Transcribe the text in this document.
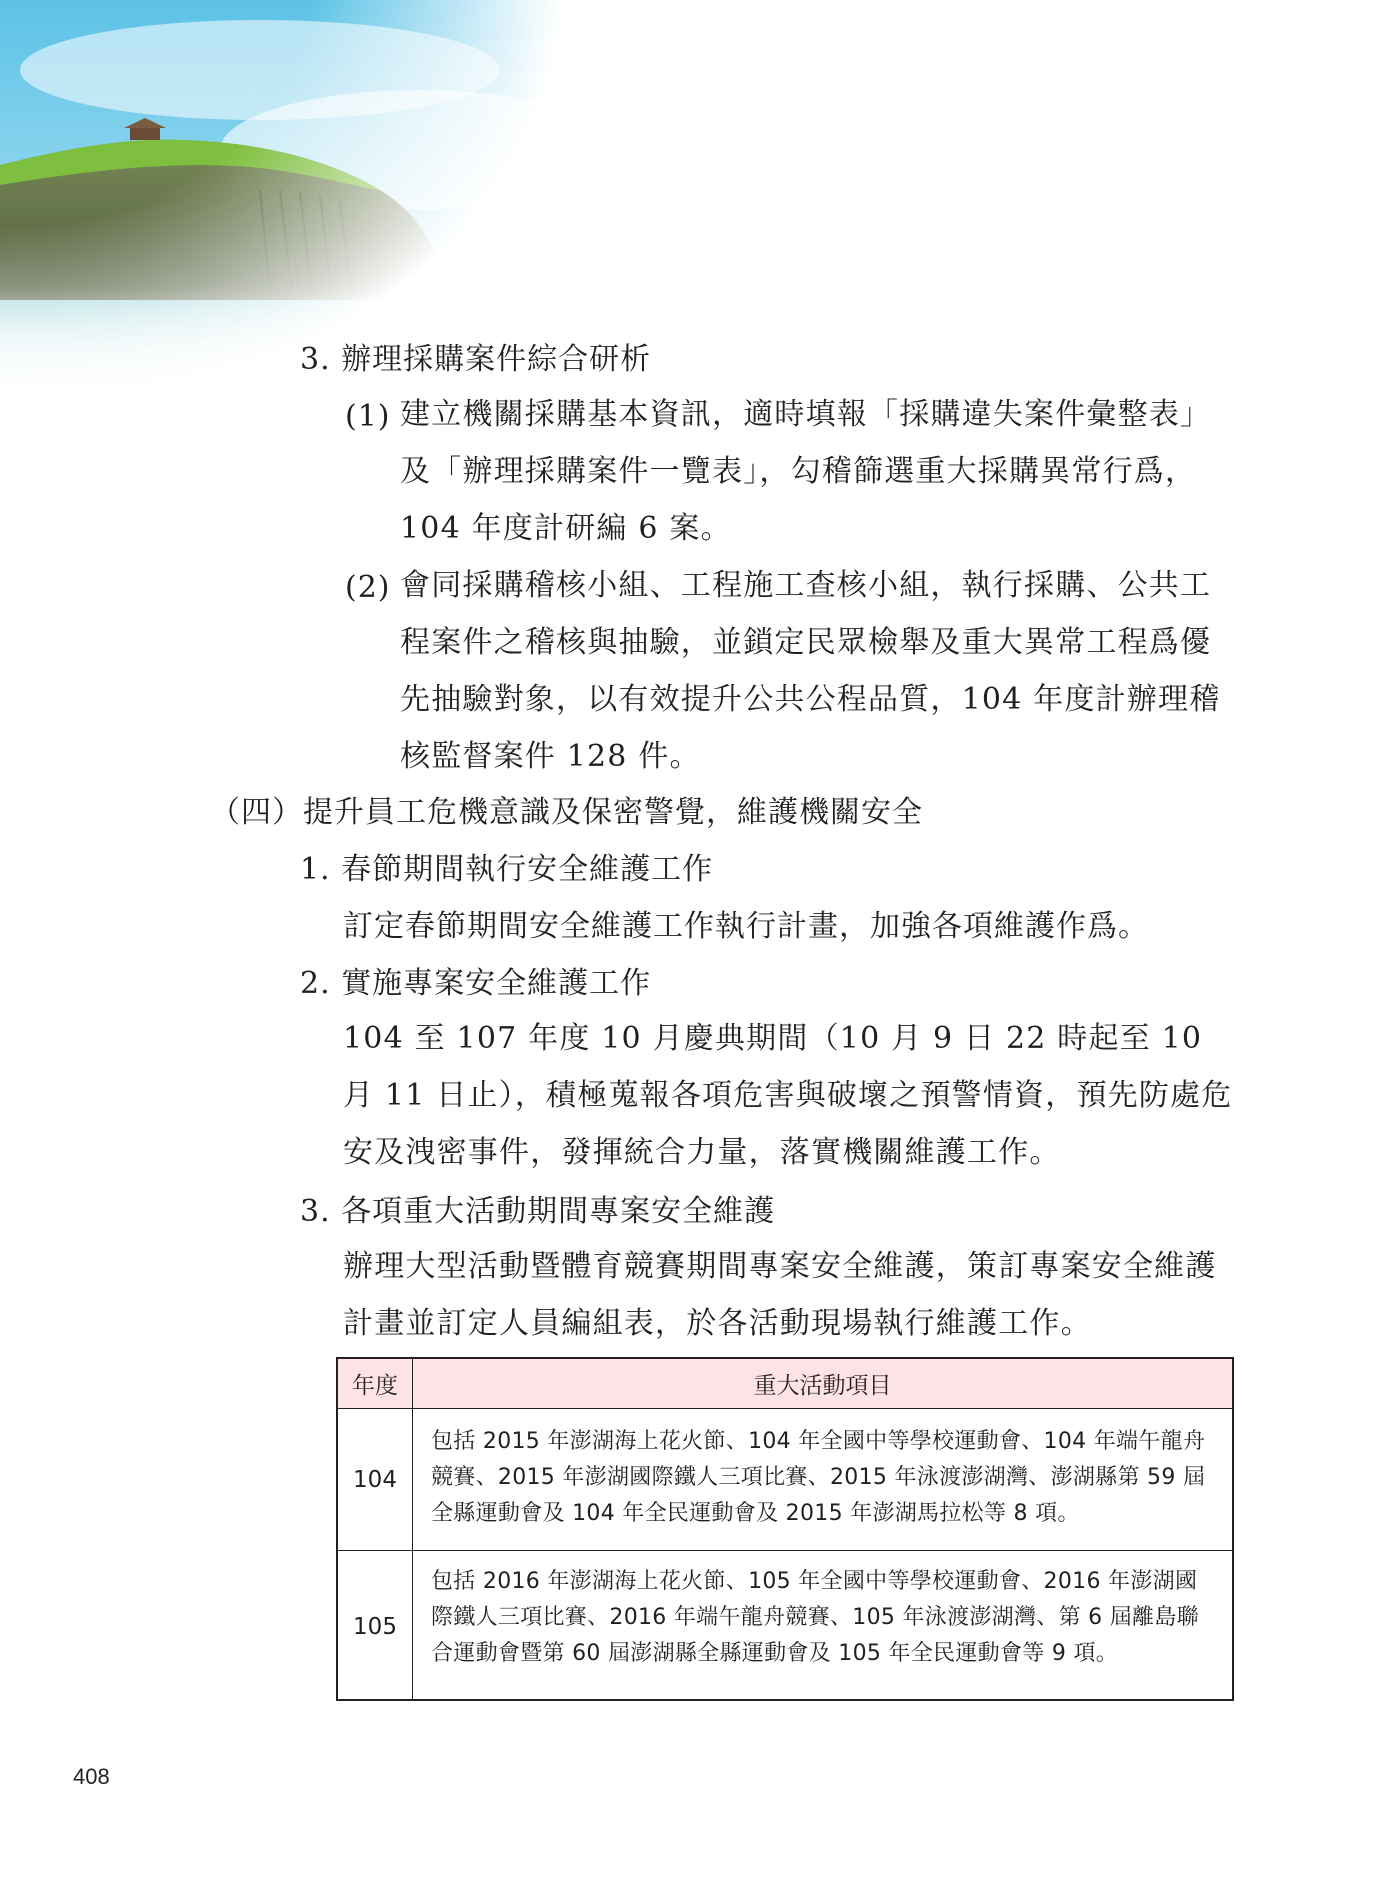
3. 辦理採購案件綜合研析
(1) 建立機關採購基本資訊，適時填報「採購違失案件彙整表」及「辦理採購案件一覽表」，勾稽篩選重大採購異常行爲，104 年度計研編 6 案。
(2) 會同採購稽核小組、工程施工查核小組，執行採購、公共工程案件之稽核與抽驗，並鎖定民眾檢舉及重大異常工程爲優先抽驗對象，以有效提升公共公程品質，104 年度計辦理稽核監督案件 128 件。
（四）提升員工危機意識及保密警覺，維護機關安全
1. 春節期間執行安全維護工作
訂定春節期間安全維護工作執行計畫，加強各項維護作爲。
2. 實施專案安全維護工作
104 至 107 年度 10 月慶典期間（10 月 9 日 22 時起至 10 月 11 日止），積極蒐報各項危害與破壞之預警情資，預先防處危安及洩密事件，發揮統合力量，落實機關維護工作。
3. 各項重大活動期間專案安全維護
辦理大型活動暨體育競賽期間專案安全維護，策訂專案安全維護計畫並訂定人員編組表，於各活動現場執行維護工作。
年度	重大活動項目
104
包括 2015 年澎湖海上花火節、104 年全國中等學校運動會、104 年端午龍舟競賽、2015 年澎湖國際鐵人三項比賽、2015 年泳渡澎湖灣、澎湖縣第 59 屆全縣運動會及 104 年全民運動會及 2015 年澎湖馬拉松等 8 項。
105
包括 2016 年澎湖海上花火節、105 年全國中等學校運動會、2016 年澎湖國際鐵人三項比賽、2016 年端午龍舟競賽、105 年泳渡澎湖灣、第 6 屆離島聯合運動會暨第 60 屆澎湖縣全縣運動會及 105 年全民運動會等 9 項。
408
